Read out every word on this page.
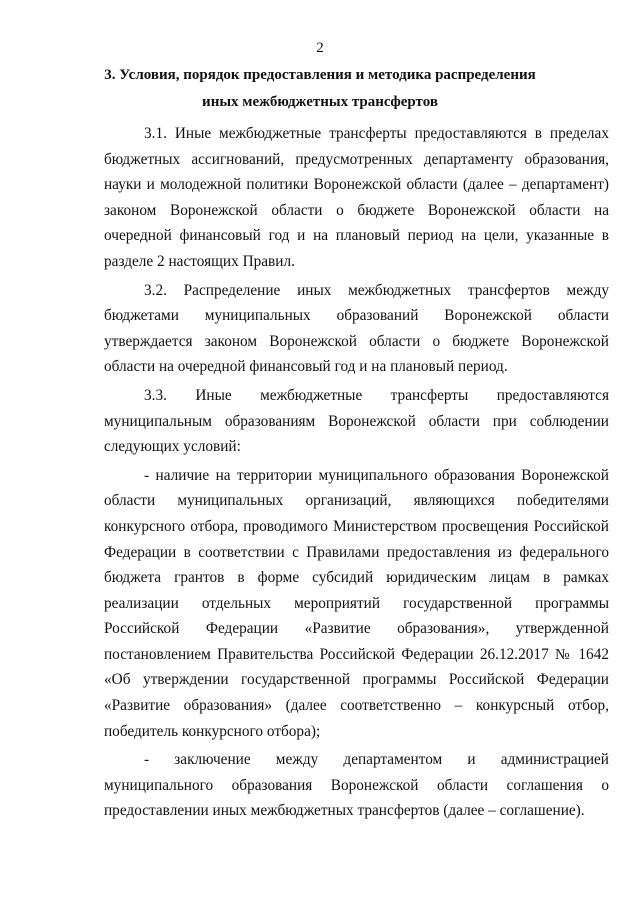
2
3. Условия, порядок предоставления и методика распределения
иных межбюджетных трансфертов

3.1. Иные межбюджетные трансферты предоставляются в пределах бюджетных ассигнований, предусмотренных департаменту образования, науки и молодежной политики Воронежской области (далее – департамент) законом Воронежской области о бюджете Воронежской области на очередной финансовый год и на плановый период на цели, указанные в разделе 2 настоящих Правил.

3.2. Распределение иных межбюджетных трансфертов между бюджетами муниципальных образований Воронежской области утверждается законом Воронежской области о бюджете Воронежской области на очередной финансовый год и на плановый период.

3.3. Иные межбюджетные трансферты предоставляются муниципальным образованиям Воронежской области при соблюдении следующих условий:

- наличие на территории муниципального образования Воронежской области муниципальных организаций, являющихся победителями конкурсного отбора, проводимого Министерством просвещения Российской Федерации в соответствии с Правилами предоставления из федерального бюджета грантов в форме субсидий юридическим лицам в рамках реализации отдельных мероприятий государственной программы Российской Федерации «Развитие образования», утвержденной постановлением Правительства Российской Федерации 26.12.2017 № 1642 «Об утверждении государственной программы Российской Федерации «Развитие образования» (далее соответственно – конкурсный отбор, победитель конкурсного отбора);

- заключение между департаментом и администрацией муниципального образования Воронежской области соглашения о предоставлении иных межбюджетных трансфертов (далее – соглашение).
